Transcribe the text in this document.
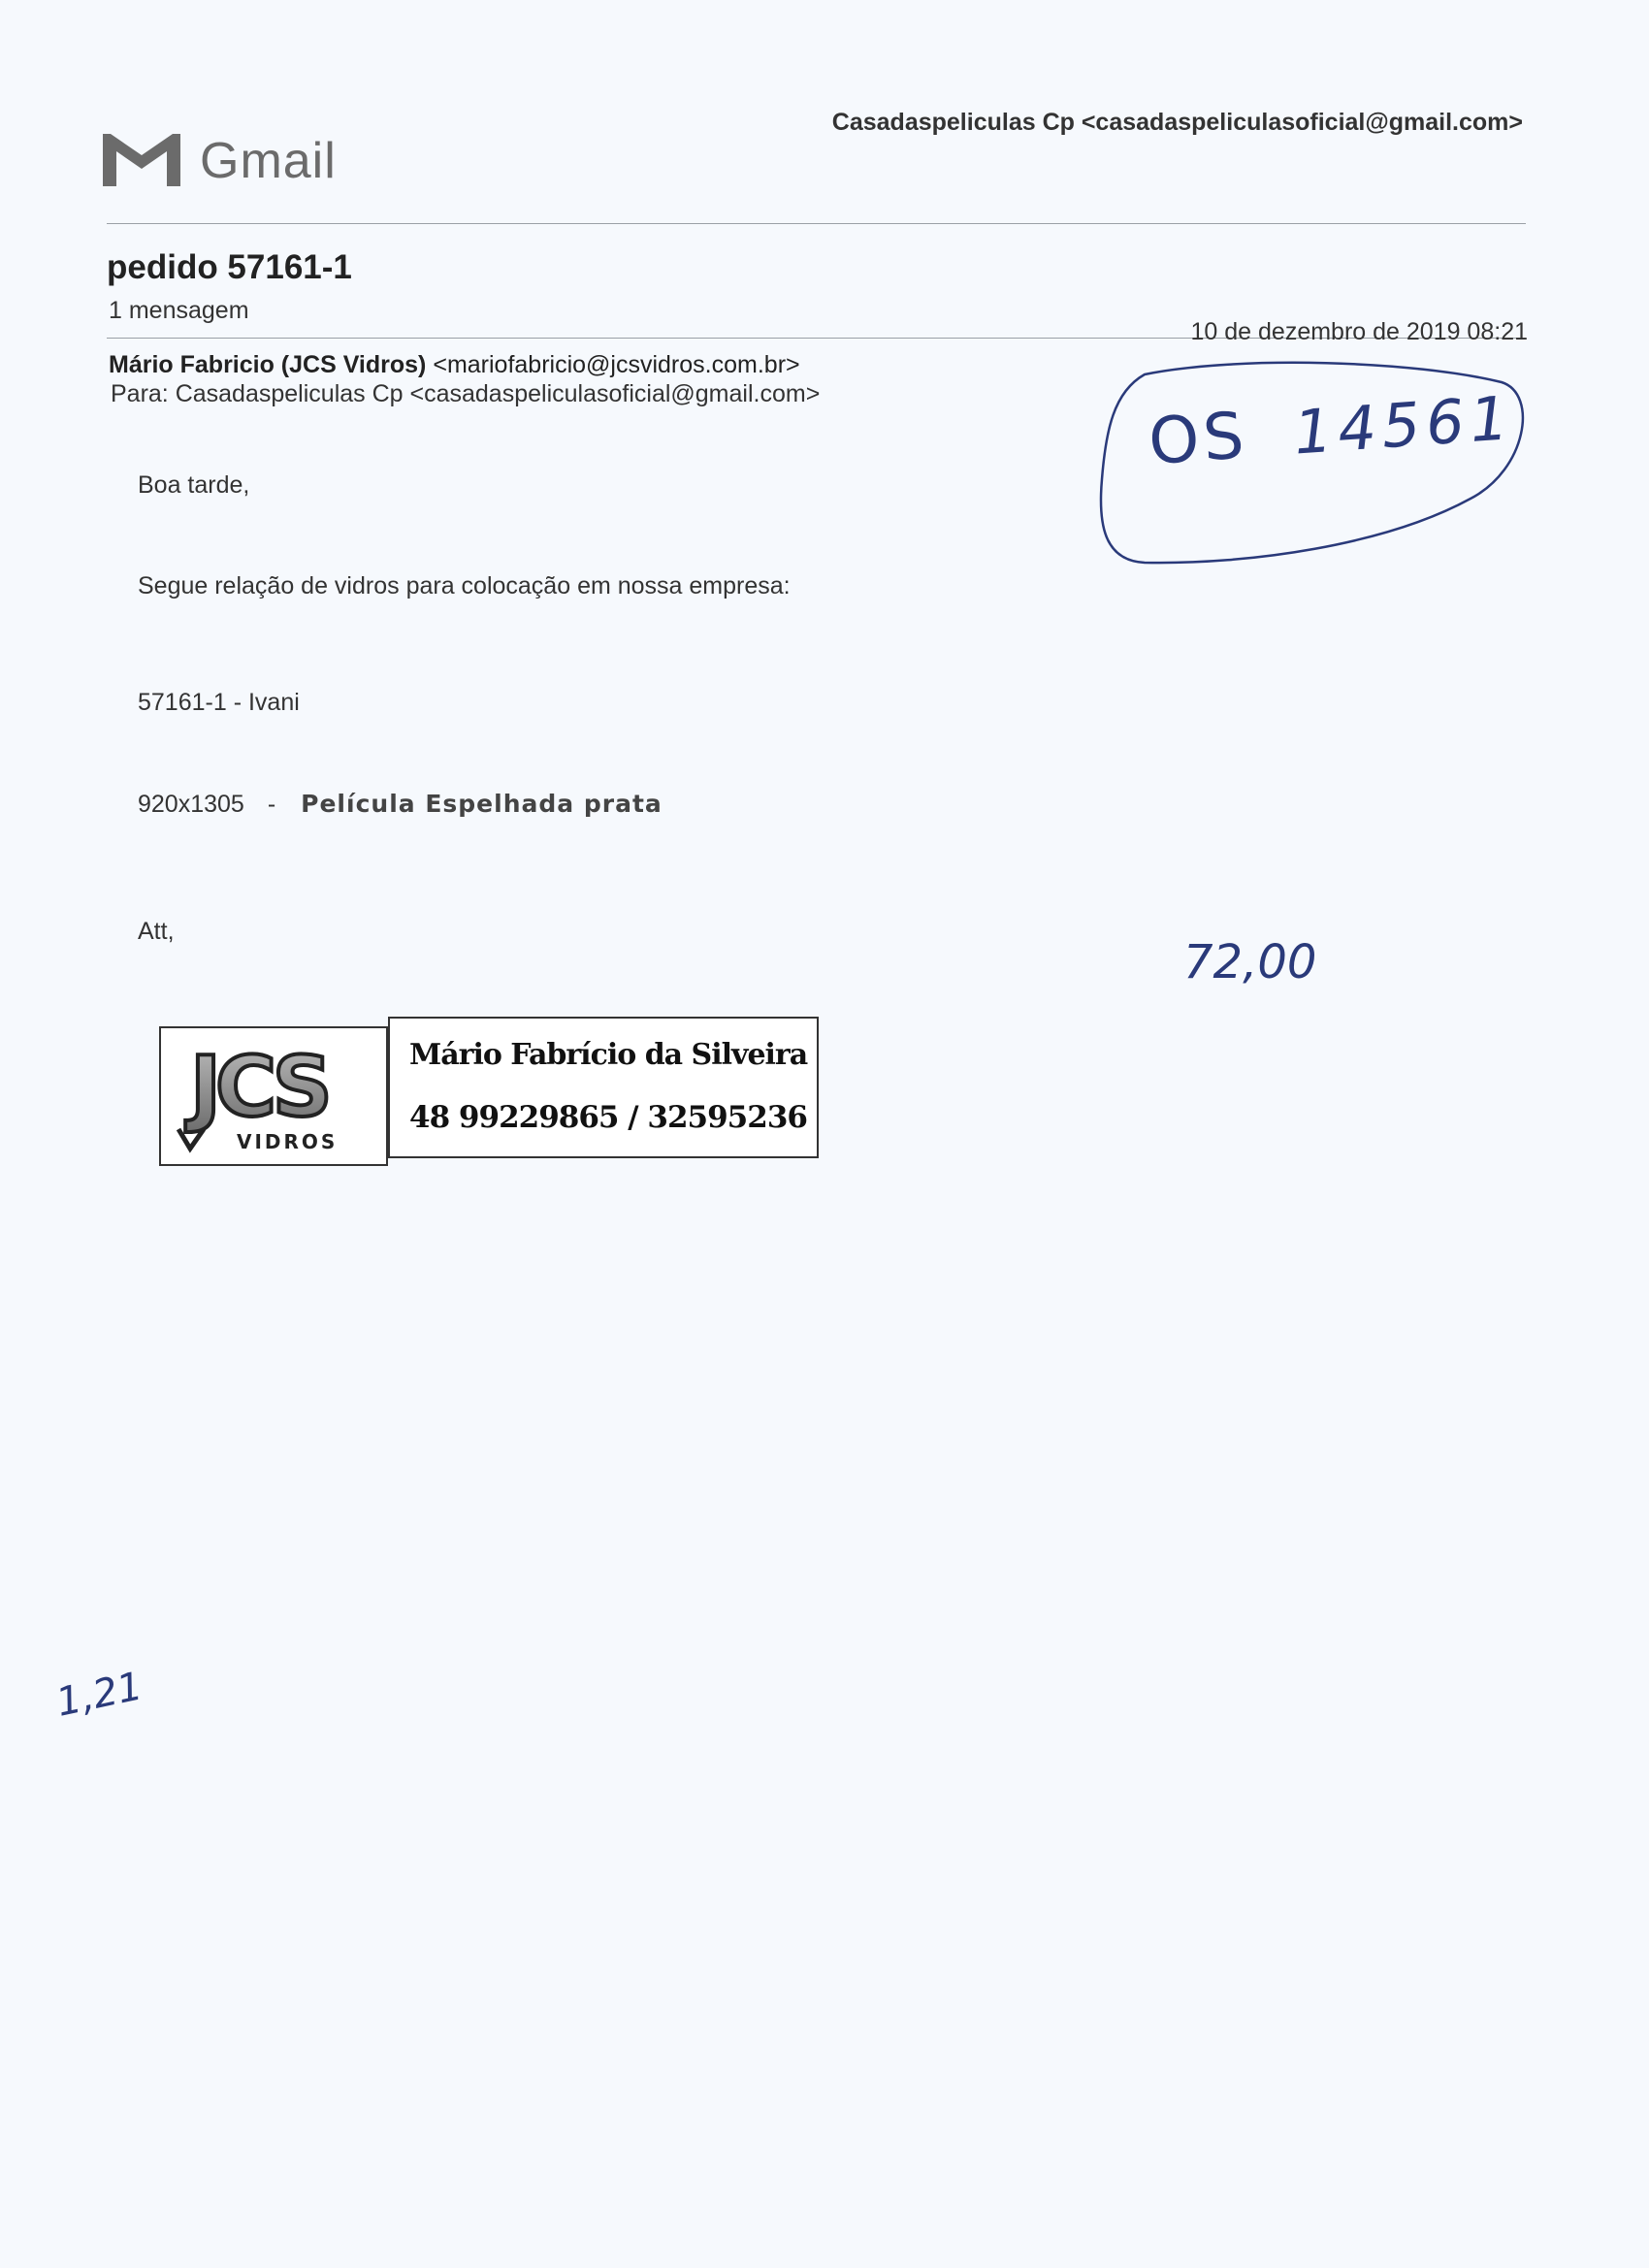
Gmail
Casadaspeliculas Cp <casadaspeliculasoficial@gmail.com>
pedido 57161-1
1 mensagem
Mário Fabricio (JCS Vidros) <mariofabricio@jcsvidros.com.br>
10 de dezembro de 2019 08:21
Para: Casadaspeliculas Cp <casadaspeliculasoficial@gmail.com>
Boa tarde,
Segue relação de vidros para colocação em nossa empresa:
57161-1 - Ivani
920x1305 - Película Espelhada prata
Att,
JCS
VIDROS
Mário Fabrício da Silveira
48 99229865 / 32595236
OS 14561
72,00
1,21
